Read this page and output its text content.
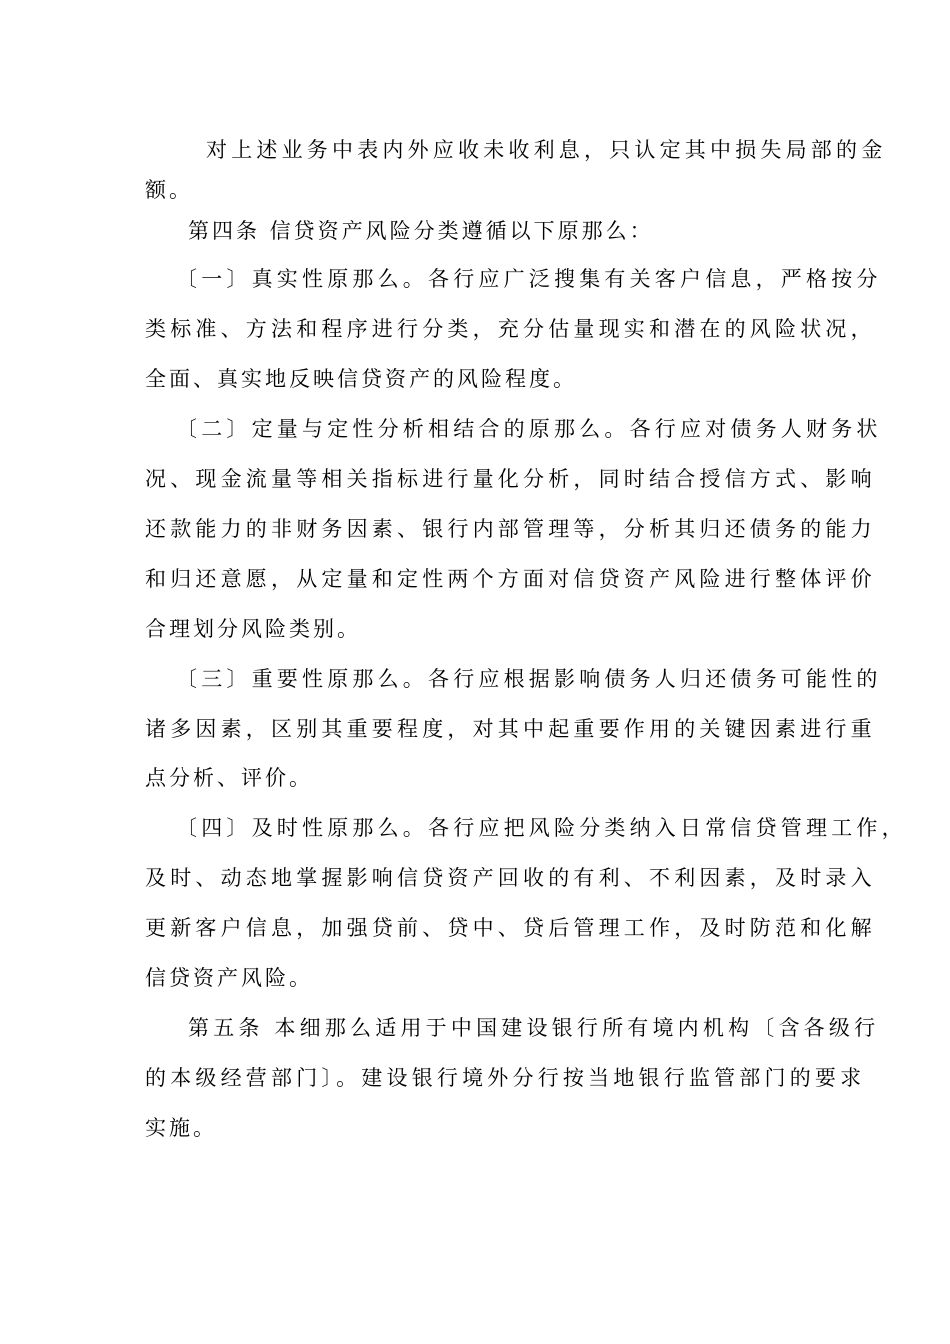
对上述业务中表内外应收未收利息，只认定其中损失局部的金
额。
第四条 信贷资产风险分类遵循以下原那么：
〔一〕真实性原那么。各行应广泛搜集有关客户信息，严格按分
类标准、方法和程序进行分类，充分估量现实和潜在的风险状况，
全面、真实地反映信贷资产的风险程度。
〔二〕定量与定性分析相结合的原那么。各行应对债务人财务状
况、现金流量等相关指标进行量化分析，同时结合授信方式、影响
还款能力的非财务因素、银行内部管理等，分析其归还债务的能力
和归还意愿，从定量和定性两个方面对信贷资产风险进行整体评价
合理划分风险类别。
〔三〕重要性原那么。各行应根据影响债务人归还债务可能性的
诸多因素，区别其重要程度，对其中起重要作用的关键因素进行重
点分析、评价。
〔四〕及时性原那么。各行应把风险分类纳入日常信贷管理工作，
及时、动态地掌握影响信贷资产回收的有利、不利因素，及时录入
更新客户信息，加强贷前、贷中、贷后管理工作，及时防范和化解
信贷资产风险。
第五条 本细那么适用于中国建设银行所有境内机构〔含各级行
的本级经营部门〕。建设银行境外分行按当地银行监管部门的要求
实施。
